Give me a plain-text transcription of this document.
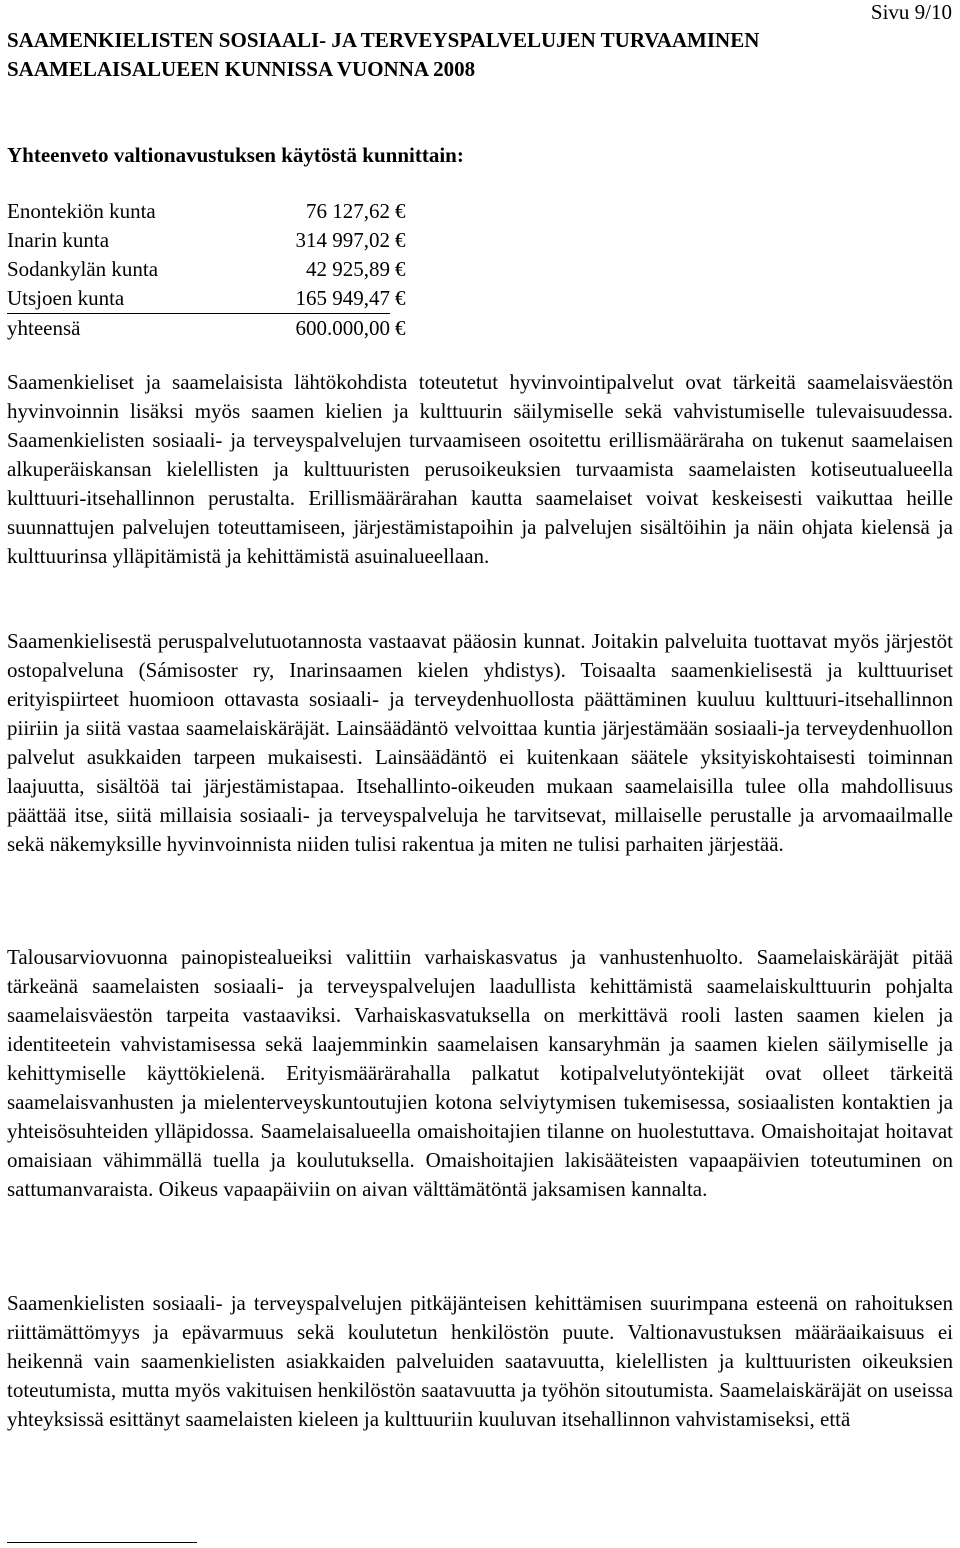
Sivu 9/10
SAAMENKIELISTEN SOSIAALI- JA TERVEYSPALVELUJEN TURVAAMINEN
SAAMELAISALUEEN KUNNISSA VUONNA 2008
Yhteenveto valtionavustuksen käytöstä kunnittain:
Enontekiön kunta	76 127,62	€
Inarin kunta	314 997,02	€
Sodankylän kunta	42 925,89	€
Utsjoen kunta	165 949,47	€
yhteensä	600.000,00	€

Saamenkieliset ja saamelaisista lähtökohdista toteutetut hyvinvointipalvelut ovat tärkeitä saamelaisväestön hyvinvoinnin lisäksi myös saamen kielien ja kulttuurin säilymiselle sekä vahvistumiselle tulevaisuudessa. Saamenkielisten sosiaali- ja terveyspalvelujen turvaamiseen osoitettu erillismääräraha on tukenut saamelaisen alkuperäiskansan kielellisten ja kulttuuristen perusoikeuksien turvaamista saamelaisten kotiseutualueella kulttuuri-itsehallinnon perustalta. Erillismäärärahan kautta saamelaiset voivat keskeisesti vaikuttaa heille suunnattujen palvelujen toteuttamiseen, järjestämistapoihin ja palvelujen sisältöihin ja näin ohjata kielensä ja kulttuurinsa ylläpitämistä ja kehittämistä asuinalueellaan.

Saamenkielisestä peruspalvelutuotannosta vastaavat pääosin kunnat. Joitakin palveluita tuottavat myös järjestöt ostopalveluna (Sámisoster ry, Inarinsaamen kielen yhdistys). Toisaalta saamenkielisestä ja kulttuuriset erityispiirteet huomioon ottavasta sosiaali- ja terveydenhuollosta päättäminen kuuluu kulttuuri-itsehallinnon piiriin ja siitä vastaa saamelaiskäräjät. Lainsäädäntö velvoittaa kuntia järjestämään sosiaali-ja terveydenhuollon palvelut asukkaiden tarpeen mukaisesti. Lainsäädäntö ei kuitenkaan säätele yksityiskohtaisesti toiminnan laajuutta, sisältöä tai järjestämistapaa. Itsehallinto-oikeuden mukaan saamelaisilla tulee olla mahdollisuus päättää itse, siitä millaisia sosiaali- ja terveyspalveluja he tarvitsevat, millaiselle perustalle ja arvomaailmalle sekä näkemyksille hyvinvoinnista niiden tulisi rakentua ja miten ne tulisi parhaiten järjestää.

Talousarviovuonna painopistealueiksi valittiin varhaiskasvatus ja vanhustenhuolto. Saamelaiskäräjät pitää tärkeänä saamelaisten sosiaali- ja terveyspalvelujen laadullista kehittämistä saamelaiskulttuurin pohjalta saamelaisväestön tarpeita vastaaviksi. Varhaiskasvatuksella on merkittävä rooli lasten saamen kielen ja identiteetein vahvistamisessa sekä laajemminkin saamelaisen kansaryhmän ja saamen kielen säilymiselle ja kehittymiselle käyttökielenä. Erityismäärärahalla palkatut kotipalvelutyöntekijät ovat olleet tärkeitä saamelaisvanhusten ja mielenterveyskuntoutujien kotona selviytymisen tukemisessa, sosiaalisten kontaktien ja yhteisösuhteiden ylläpidossa. Saamelaisalueella omaishoitajien tilanne on huolestuttava. Omaishoitajat hoitavat omaisiaan vähimmällä tuella ja koulutuksella. Omaishoitajien lakisääteisten vapaapäivien toteutuminen on sattumanvaraista. Oikeus vapaapäiviin on aivan välttämätöntä jaksamisen kannalta.

Saamenkielisten sosiaali- ja terveyspalvelujen pitkäjänteisen kehittämisen suurimpana esteenä on rahoituksen riittämättömyys ja epävarmuus sekä koulutetun henkilöstön puute. Valtionavustuksen määräaikaisuus ei heikennä vain saamenkielisten asiakkaiden palveluiden saatavuutta, kielellisten ja kulttuuristen oikeuksien toteutumista, mutta myös vakituisen henkilöstön saatavuutta ja työhön sitoutumista. Saamelaiskäräjät on useissa yhteyksissä esittänyt saamelaisten kieleen ja kulttuuriin kuuluvan itsehallinnon vahvistamiseksi, että
